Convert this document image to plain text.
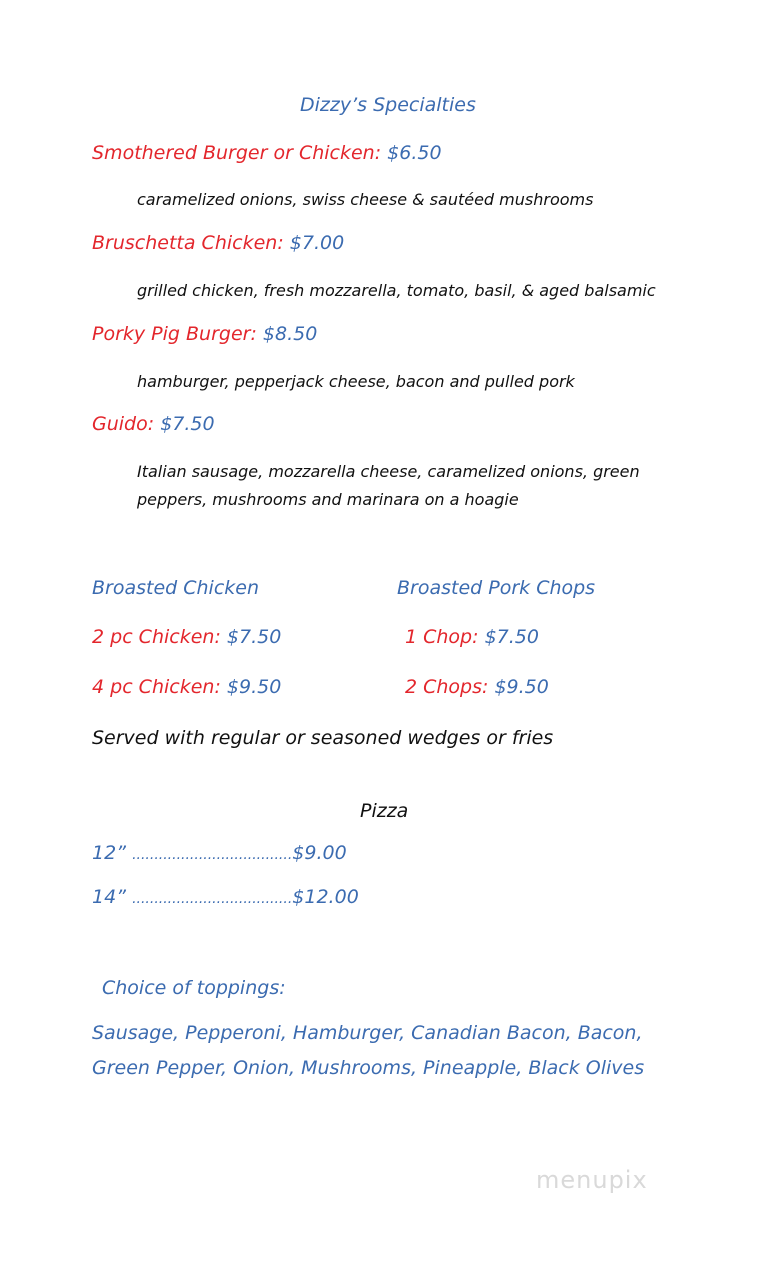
Dizzy’s Specialties
Smothered Burger or Chicken: $6.50
caramelized onions, swiss cheese & sautéed mushrooms
Bruschetta Chicken: $7.00
grilled chicken, fresh mozzarella, tomato, basil, & aged balsamic
Porky Pig Burger: $8.50
hamburger, pepperjack cheese, bacon and pulled pork
Guido: $7.50
Italian sausage, mozzarella cheese, caramelized onions, green
peppers, mushrooms and marinara on a hoagie
Broasted Chicken	Broasted Pork Chops
2 pc Chicken: $7.50	1 Chop: $7.50
4 pc Chicken: $9.50	2 Chops: $9.50
Served with regular or seasoned wedges or fries
Pizza
12” ....................................$9.00
14” ....................................$12.00
Choice of toppings:
Sausage, Pepperoni, Hamburger, Canadian Bacon, Bacon,
Green Pepper, Onion, Mushrooms, Pineapple, Black Olives
menupix
